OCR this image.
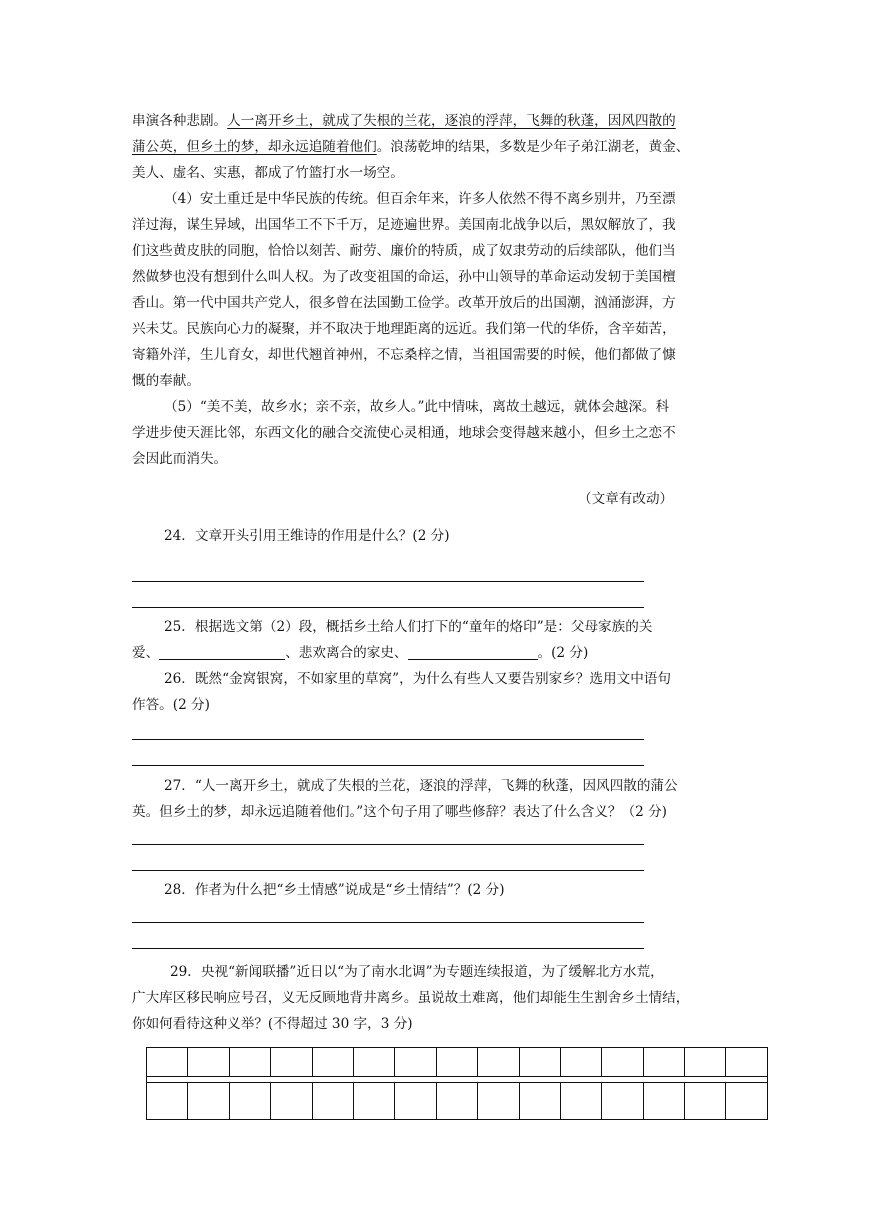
串演各种悲剧。人一离开乡土，就成了失根的兰花，逐浪的浮萍，飞舞的秋蓬，因风四散的
蒲公英，但乡土的梦，却永远追随着他们。浪荡乾坤的结果，多数是少年子弟江湖老，黄金、
美人、虚名、实惠，都成了竹篮打水一场空。
（4）安土重迁是中华民族的传统。但百余年来，许多人依然不得不离乡别井，乃至漂
洋过海，谋生异域，出国华工不下千万，足迹遍世界。美国南北战争以后，黑奴解放了，我
们这些黄皮肤的同胞，恰恰以刻苦、耐劳、廉价的特质，成了奴隶劳动的后续部队，他们当
然做梦也没有想到什么叫人权。为了改变祖国的命运，孙中山领导的革命运动发轫于美国檀
香山。第一代中国共产党人，很多曾在法国勤工俭学。改革开放后的出国潮，汹涌澎湃，方
兴未艾。民族向心力的凝聚，并不取决于地理距离的远近。我们第一代的华侨，含辛茹苦，
寄籍外洋，生儿育女，却世代翘首神州，不忘桑梓之情，当祖国需要的时候，他们都做了慷
慨的奉献。
（5）“美不美，故乡水；亲不亲，故乡人。”此中情味，离故土越远，就体会越深。科
学进步使天涯比邻，东西文化的融合交流使心灵相通，地球会变得越来越小，但乡土之恋不
会因此而消失。
（文章有改动）
24．文章开头引用王维诗的作用是什么？(2 分)
25．根据选文第（2）段，概括乡土给人们打下的“童年的烙印”是：父母家族的关
爱、	、悲欢离合的家史、	。(2 分)
26．既然“金窝银窝，不如家里的草窝”，为什么有些人又要告别家乡？选用文中语句
作答。(2 分)
27．“人一离开乡土，就成了失根的兰花，逐浪的浮萍，飞舞的秋蓬，因风四散的蒲公
英。但乡土的梦，却永远追随着他们。”这个句子用了哪些修辞？表达了什么含义？（2 分)
28．作者为什么把“乡土情感”说成是“乡土情结”？(2 分)
29．央视“新闻联播”近日以“为了南水北调”为专题连续报道，为了缓解北方水荒，
广大库区移民响应号召，义无反顾地背井离乡。虽说故土难离，他们却能生生割舍乡土情结，
你如何看待这种义举？(不得超过 30 字，3 分)
